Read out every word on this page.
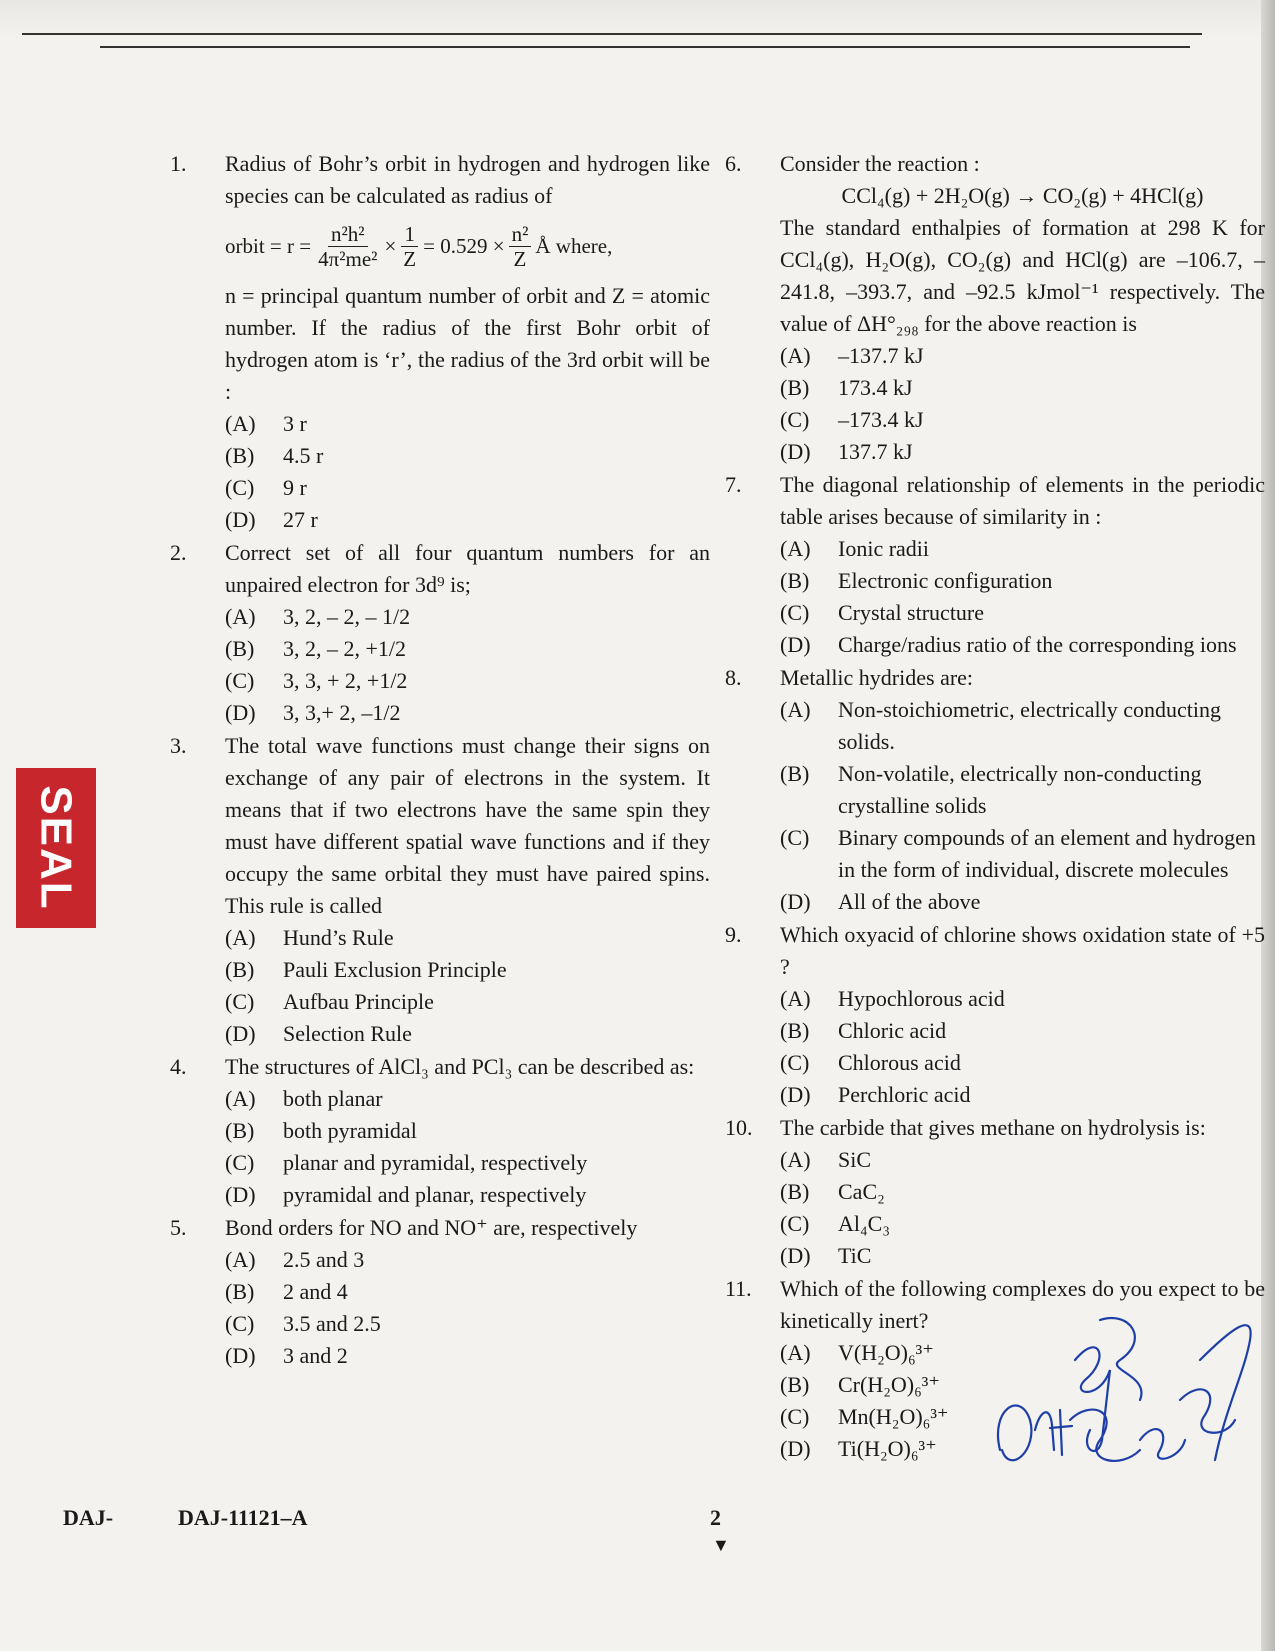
1. Radius of Bohr’s orbit in hydrogen and hydrogen like species can be calculated as radius of
orbit = $r = \frac{\text{n²h²}}{\text{4π²me²}} \times \frac{1}{Z} = 0.529 \times \frac{\text{n²}}{Z}$ Å where,
n = principal quantum number of orbit and Z = atomic number. If the radius of the first Bohr orbit of hydrogen atom is ‘r’, the radius of the 3rd orbit will be :
(A)	3 r
(B)	4.5 r
(C)	9 r
(D)	27 r
2. Correct set of all four quantum numbers for an unpaired electron for 3d⁹ is;
(A)	3, 2, – 2, – 1/2
(B)	3, 2, – 2, +1/2
(C)	3, 3, + 2, +1/2
(D)	3, 3,+ 2, –1/2
3. The total wave functions must change their signs on exchange of any pair of electrons in the system. It means that if two electrons have the same spin they must have different spatial wave functions and if they occupy the same orbital they must have paired spins. This rule is called
(A)	Hund’s Rule
(B)	Pauli Exclusion Principle
(C)	Aufbau Principle
(D)	Selection Rule
4. The structures of AlCl₃ and PCl₃ can be described as:
(A)	both planar
(B)	both pyramidal
(C)	planar and pyramidal, respectively
(D)	pyramidal and planar, respectively
5. Bond orders for NO and NO⁺ are, respectively
(A)	2.5 and 3
(B)	2 and 4
(C)	3.5 and 2.5
(D)	3 and 2
6. Consider the reaction :
CCl₄(g) + 2H₂O(g) → CO₂(g) + 4HCl(g)
The standard enthalpies of formation at 298 K for CCl₄(g), H₂O(g), CO₂(g) and HCl(g) are –106.7, –241.8, –393.7, and –92.5 kJmol⁻¹ respectively. The value of ΔH°₂₉₈ for the above reaction is
(A)	–137.7 kJ
(B)	173.4 kJ
(C)	–173.4 kJ
(D)	137.7 kJ
7. The diagonal relationship of elements in the periodic table arises because of similarity in :
(A)	Ionic radii
(B)	Electronic configuration
(C)	Crystal structure
(D)	Charge/radius ratio of the corresponding ions
8. Metallic hydrides are:
(A)	Non-stoichiometric, electrically conducting solids.
(B)	Non-volatile, electrically non-conducting crystalline solids
(C)	Binary compounds of an element and hydrogen in the form of individual, discrete molecules
(D)	All of the above
9. Which oxyacid of chlorine shows oxidation state of +5 ?
(A)	Hypochlorous acid
(B)	Chloric acid
(C)	Chlorous acid
(D)	Perchloric acid
10. The carbide that gives methane on hydrolysis is:
(A)	SiC
(B)	CaC₂
(C)	Al₄C₃
(D)	TiC
11. Which of the following complexes do you expect to be kinetically inert?
(A)	V(H₂O)₆³⁺
(B)	Cr(H₂O)₆³⁺
(C)	Mn(H₂O)₆³⁺
(D)	Ti(H₂O)₆³⁺
SEAL
DAJ-	DAJ-11121–A	2
▼
